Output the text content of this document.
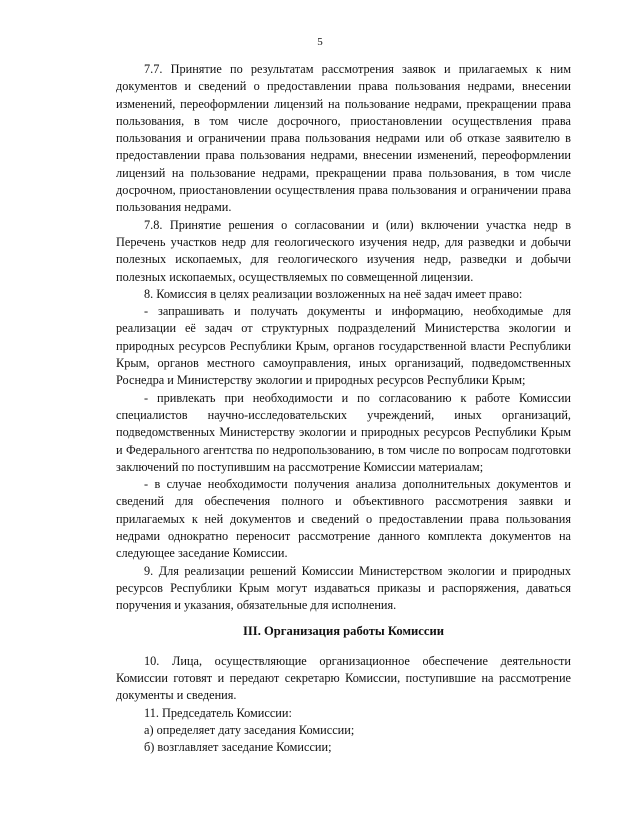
5

7.7. Принятие по результатам рассмотрения заявок и прилагаемых к ним документов и сведений о предоставлении права пользования недрами, внесении изменений, переоформлении лицензий на пользование недрами, прекращении права пользования, в том числе досрочного, приостановлении осуществления права пользования и ограничении права пользования недрами или об отказе заявителю в предоставлении права пользования недрами, внесении изменений, переоформлении лицензий на пользование недрами, прекращении права пользования, в том числе досрочном, приостановлении осуществления права пользования и ограничении права пользования недрами.

7.8. Принятие решения о согласовании и (или) включении участка недр в Перечень участков недр для геологического изучения недр, для разведки и добычи полезных ископаемых, для геологического изучения недр, разведки и добычи полезных ископаемых, осуществляемых по совмещенной лицензии.

8. Комиссия в целях реализации возложенных на неё задач имеет право:

- запрашивать и получать документы и информацию, необходимые для реализации её задач от структурных подразделений Министерства экологии и природных ресурсов Республики Крым, органов государственной власти Республики Крым, органов местного самоуправления, иных организаций, подведомственных Роснедра и Министерству экологии и природных ресурсов Республики Крым;

- привлекать при необходимости и по согласованию к работе Комиссии специалистов научно-исследовательских учреждений, иных организаций, подведомственных Министерству экологии и природных ресурсов Республики Крым и Федерального агентства по недропользованию, в том числе по вопросам подготовки заключений по поступившим на рассмотрение Комиссии материалам;

- в случае необходимости получения анализа дополнительных документов и сведений для обеспечения полного и объективного рассмотрения заявки и прилагаемых к ней документов и сведений о предоставлении права пользования недрами однократно переносит рассмотрение данного комплекта документов на следующее заседание Комиссии.

9. Для реализации решений Комиссии Министерством экологии и природных ресурсов Республики Крым могут издаваться приказы и распоряжения, даваться поручения и указания, обязательные для исполнения.

III. Организация работы Комиссии

10. Лица, осуществляющие организационное обеспечение деятельности Комиссии готовят и передают секретарю Комиссии, поступившие на рассмотрение документы и сведения.

11. Председатель Комиссии:

а) определяет дату заседания Комиссии;

б) возглавляет заседание Комиссии;
